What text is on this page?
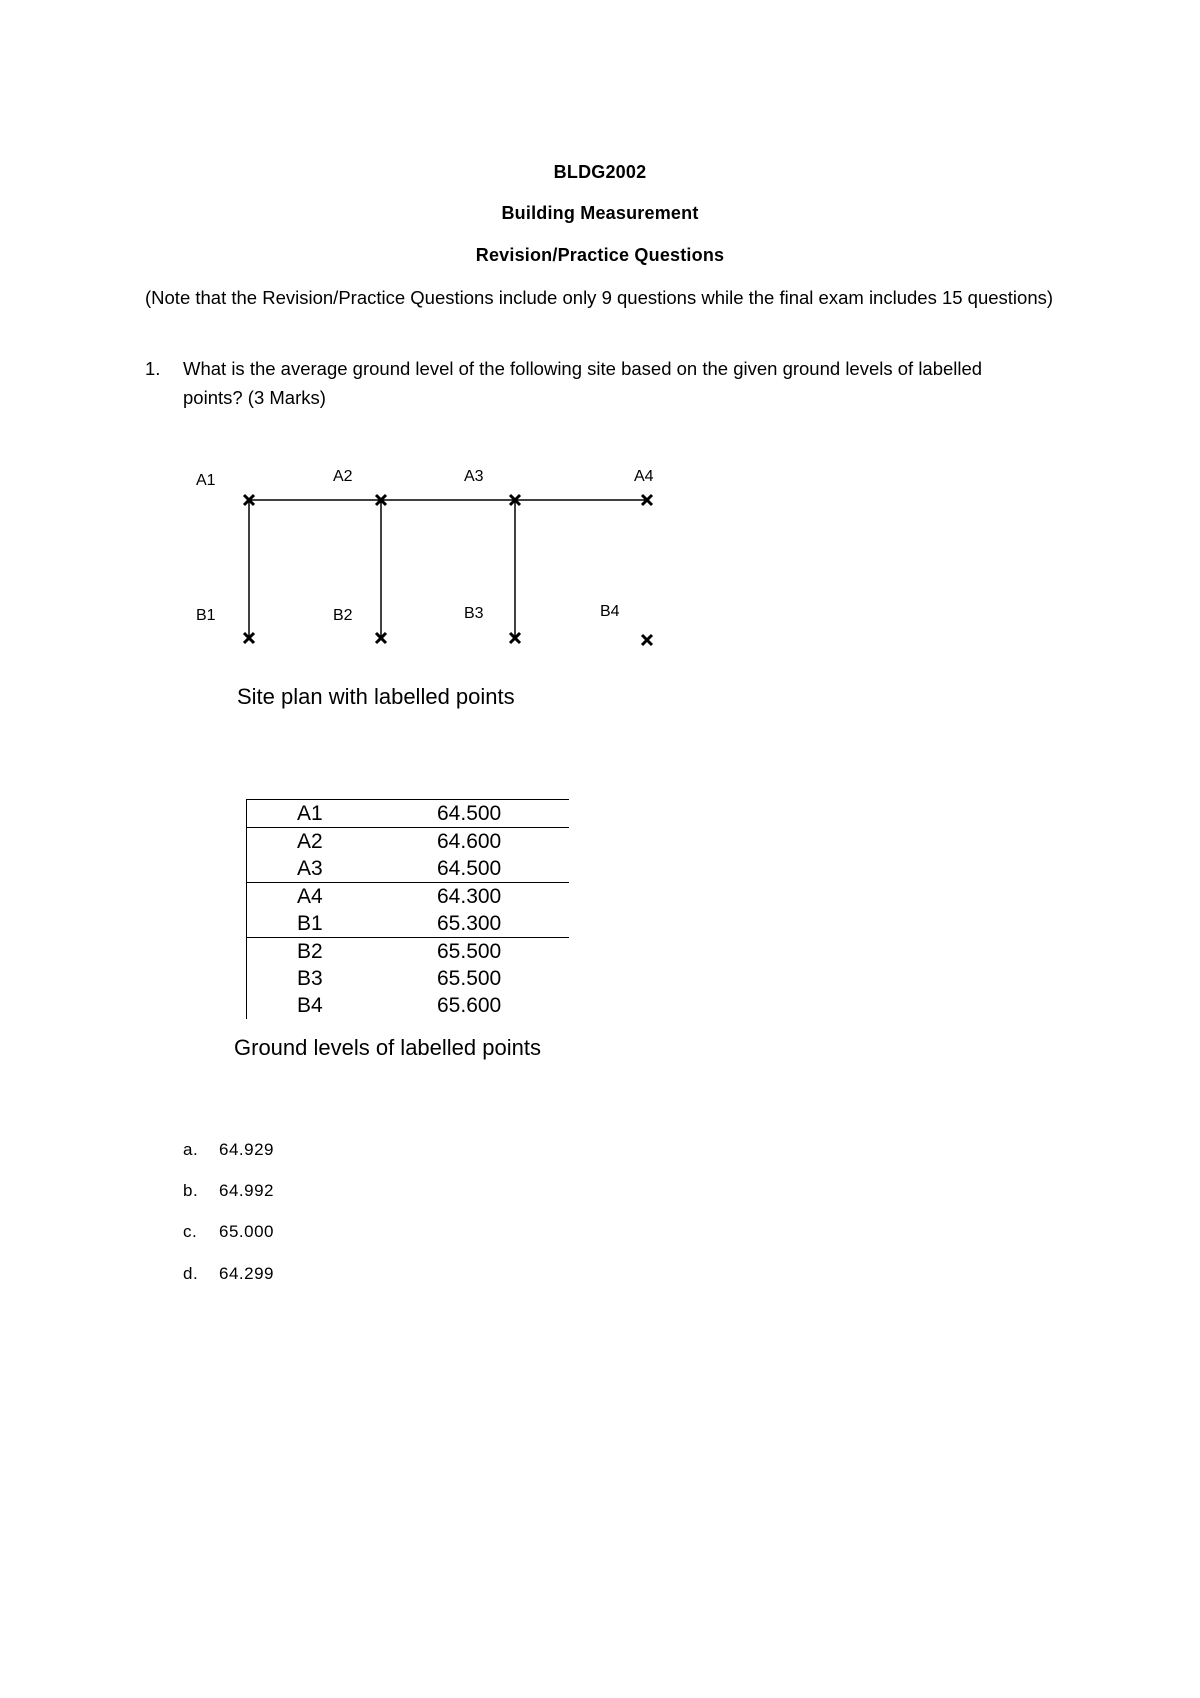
BLDG2002
Building Measurement
Revision/Practice Questions
(Note that the Revision/Practice Questions include only 9 questions while the final exam includes 15 questions)
1. What is the average ground level of the following site based on the given ground levels of labelled points? (3 Marks)
A1	A2	A3	A4
B1	B2	B3	B4
Site plan with labelled points
A1	64.500
A2	64.600
A3	64.500
A4	64.300
B1	65.300
B2	65.500
B3	65.500
B4	65.600
Ground levels of labelled points
a. 64.929
b. 64.992
c. 65.000
d. 64.299
